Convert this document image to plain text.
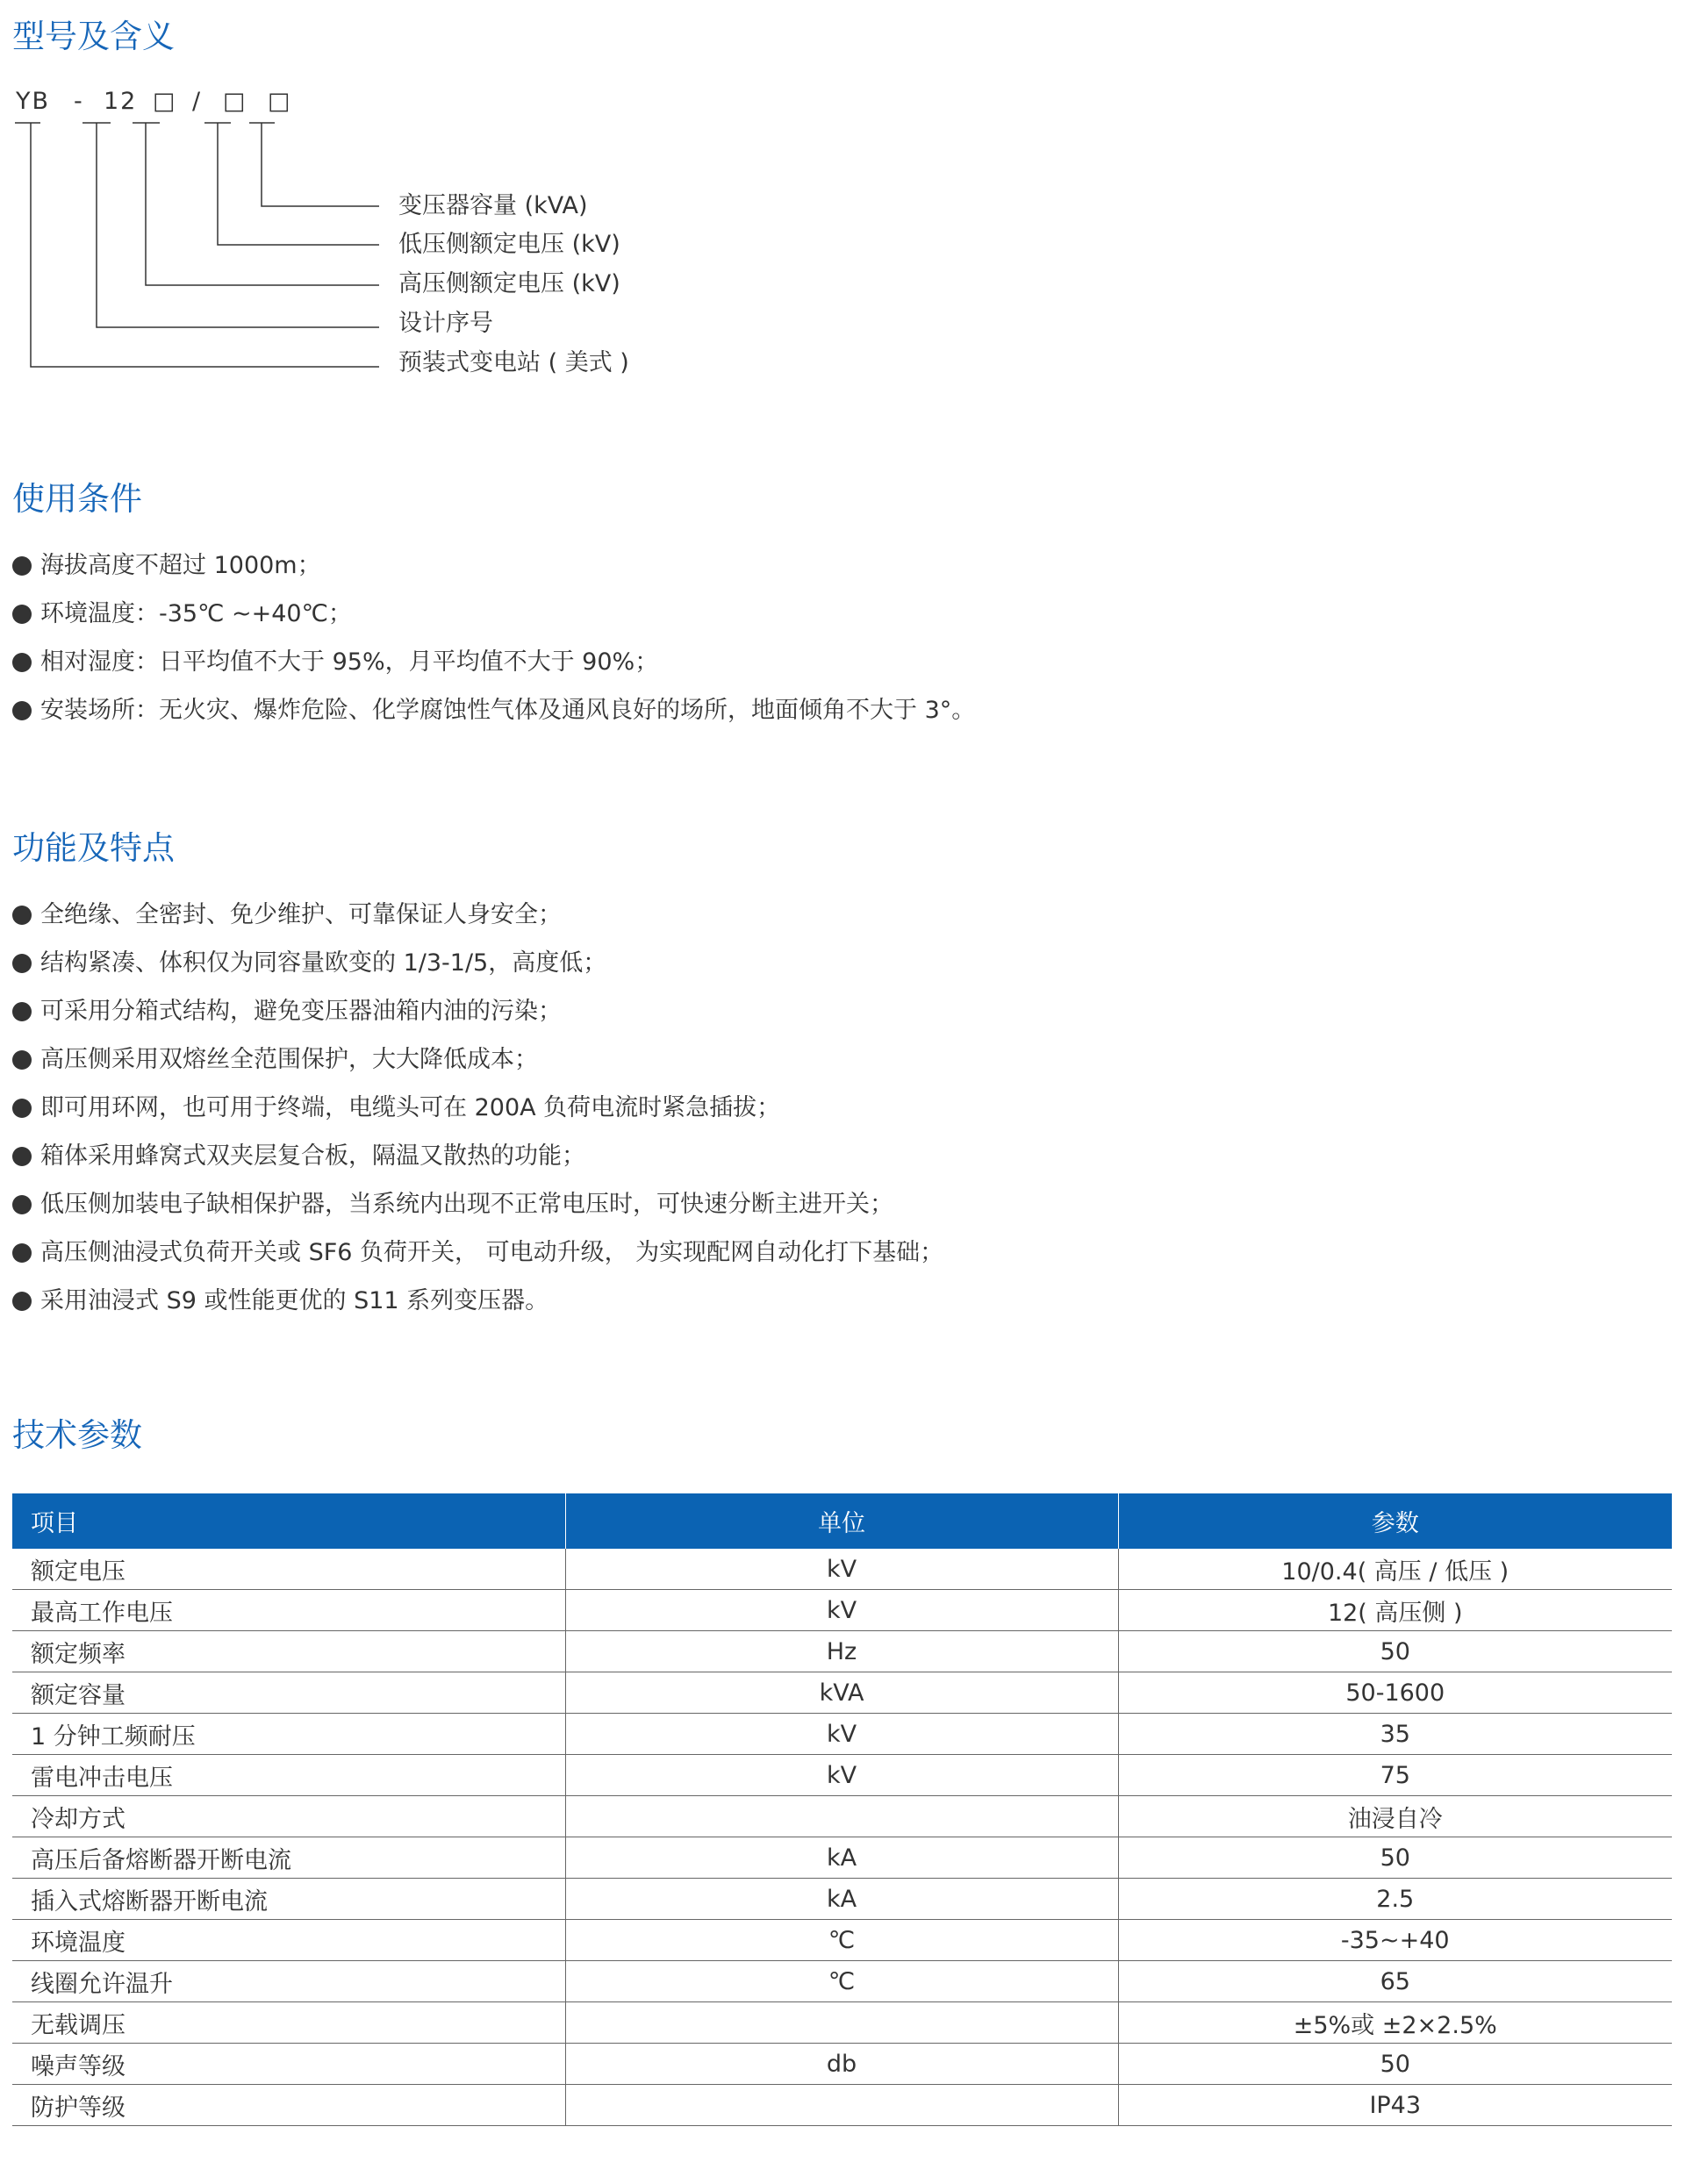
型号及含义
YB - 12 □ / □ □
变压器容量 (kVA)
低压侧额定电压 (kV)
高压侧额定电压 (kV)
设计序号
预装式变电站 ( 美式 )
使用条件
海拔高度不超过 1000m；
环境温度：-35℃ ~+40℃；
相对湿度：日平均值不大于 95%，月平均值不大于 90%；
安装场所：无火灾、爆炸危险、化学腐蚀性气体及通风良好的场所，地面倾角不大于 3°。
功能及特点
全绝缘、全密封、免少维护、可靠保证人身安全；
结构紧凑、体积仅为同容量欧变的 1/3-1/5，高度低；
可采用分箱式结构，避免变压器油箱内油的污染；
高压侧采用双熔丝全范围保护，大大降低成本；
即可用环网，也可用于终端，电缆头可在 200A 负荷电流时紧急插拔；
箱体采用蜂窝式双夹层复合板，隔温又散热的功能；
低压侧加装电子缺相保护器，当系统内出现不正常电压时，可快速分断主进开关；
高压侧油浸式负荷开关或 SF6 负荷开关， 可电动升级， 为实现配网自动化打下基础；
采用油浸式 S9 或性能更优的 S11 系列变压器。
技术参数
项目	单位	参数
额定电压	kV	10/0.4( 高压 / 低压 )
最高工作电压	kV	12( 高压侧 )
额定频率	Hz	50
额定容量	kVA	50-1600
1 分钟工频耐压	kV	35
雷电冲击电压	kV	75
冷却方式		油浸自冷
高压后备熔断器开断电流	kA	50
插入式熔断器开断电流	kA	2.5
环境温度	℃	-35~+40
线圈允许温升	℃	65
无载调压		±5%或 ±2×2.5%
噪声等级	db	50
防护等级		IP43
